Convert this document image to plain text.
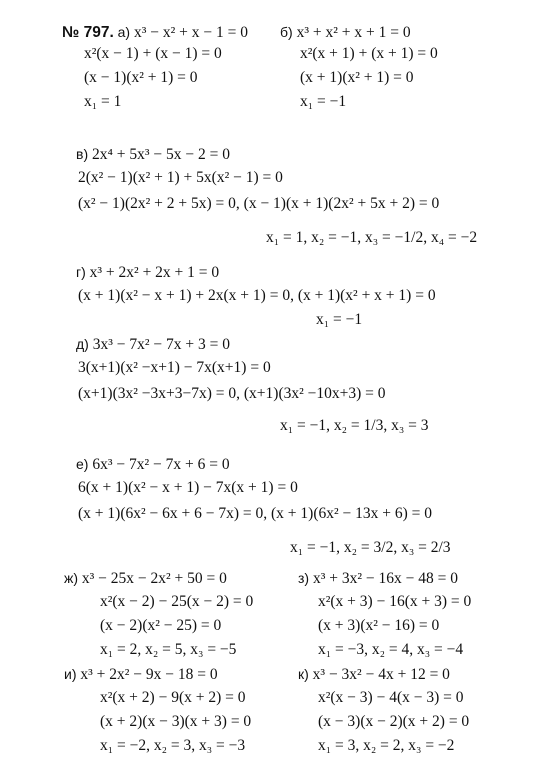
№ 797. а) x³ − x² + x − 1 = 0
x²(x − 1) + (x − 1) = 0
(x − 1)(x² + 1) = 0
x₁ = 1
б) x³ + x² + x + 1 = 0
x²(x + 1) + (x + 1) = 0
(x + 1)(x² + 1) = 0
x₁ = −1
в) 2x⁴ + 5x³ − 5x − 2 = 0
2(x² − 1)(x² + 1) + 5x(x² − 1) = 0
(x² − 1)(2x² + 2 + 5x) = 0, (x − 1)(x + 1)(2x² + 5x + 2) = 0
x₁ = 1, x₂ = −1, x₃ = −1/2, x₄ = −2
г) x³ + 2x² + 2x + 1 = 0
(x + 1)(x² − x + 1) + 2x(x + 1) = 0, (x + 1)(x² + x + 1) = 0
x₁ = −1
д) 3x³ − 7x² − 7x + 3 = 0
3(x+1)(x² −x+1) − 7x(x+1) = 0
(x+1)(3x² −3x+3−7x) = 0, (x+1)(3x² −10x+3) = 0
x₁ = −1, x₂ = 1/3, x₃ = 3
е) 6x³ − 7x² − 7x + 6 = 0
6(x + 1)(x² − x + 1) − 7x(x + 1) = 0
(x + 1)(6x² − 6x + 6 − 7x) = 0, (x + 1)(6x² − 13x + 6) = 0
x₁ = −1, x₂ = 3/2, x₃ = 2/3
ж) x³ − 25x − 2x² + 50 = 0
x²(x − 2) − 25(x − 2) = 0
(x − 2)(x² − 25) = 0
x₁ = 2, x₂ = 5, x₃ = −5
з) x³ + 3x² − 16x − 48 = 0
x²(x + 3) − 16(x + 3) = 0
(x + 3)(x² − 16) = 0
x₁ = −3, x₂ = 4, x₃ = −4
и) x³ + 2x² − 9x − 18 = 0
x²(x + 2) − 9(x + 2) = 0
(x + 2)(x − 3)(x + 3) = 0
x₁ = −2, x₂ = 3, x₃ = −3
к) x³ − 3x² − 4x + 12 = 0
x²(x − 3) − 4(x − 3) = 0
(x − 3)(x − 2)(x + 2) = 0
x₁ = 3, x₂ = 2, x₃ = −2
